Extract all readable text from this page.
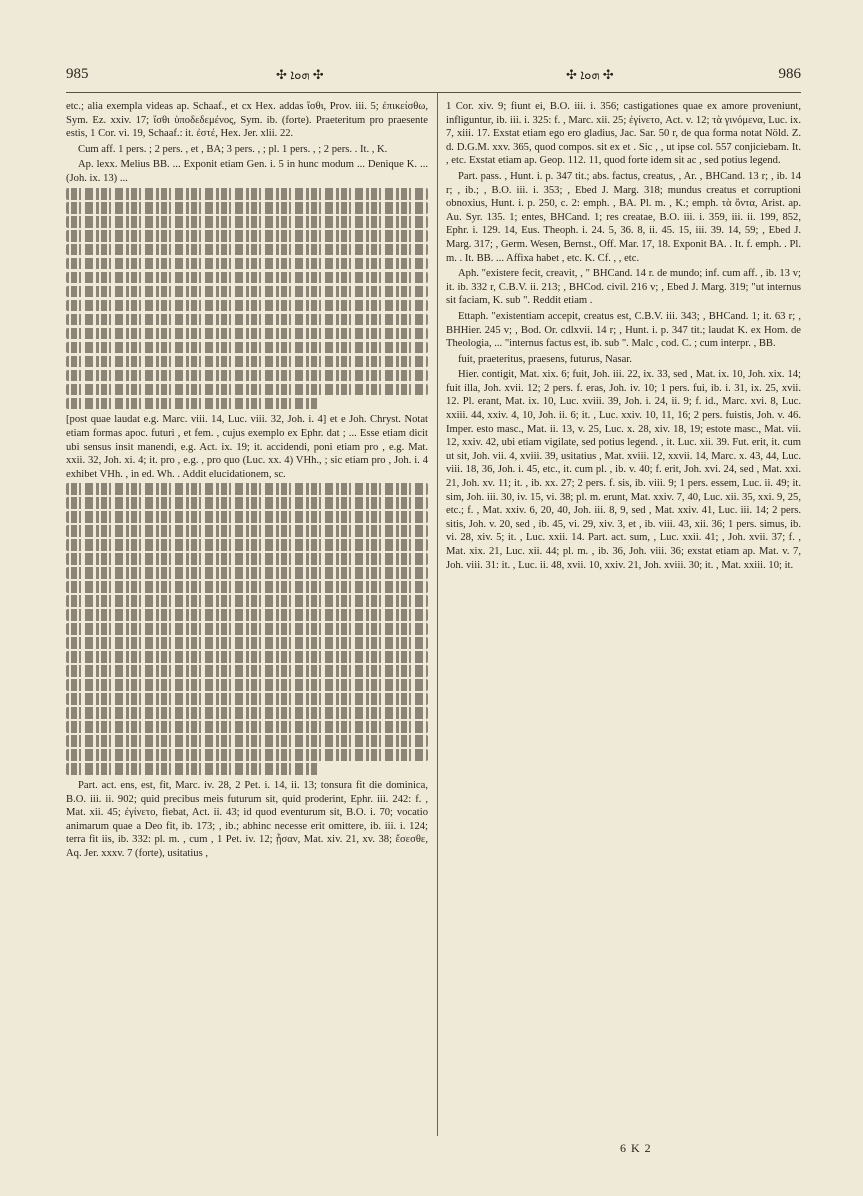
985	✣ ܗܘܐ ✣	✣ ܗܘܐ ✣	986

etc.; alia exempla videas ap. Schaaf., et cx Hex. addas ἴσθι, Prov. iii. 5; ἐπικείσθω, Sym. Ez. xxiv. 17; ἴσθι ὑποδεδεμένος, Sym. ib. (forte). Praeteritum pro praesente estis, 1 Cor. vi. 19, Schaaf.: it. ἐστέ, Hex. Jer. xlii. 22.

Cum aff. 1 pers. ; 2 pers. , et , BA; 3 pers. , ; pl. 1 pers. , ; 2 pers. . It. , K.

Ap. lexx. Melius BB. ... Exponit etiam Gen. i. 5 in hunc modum ... Denique K. ... (Joh. ix. 13) ...

[post quae laudat e.g. Marc. viii. 14, Luc. viii. 32, Joh. i. 4] et e Joh. Chryst. Notat etiam formas apoc. futuri , et fem. , cujus exemplo ex Ephr. dat ; ... Esse etiam dicit ubi sensus insit manendi, e.g. Act. ix. 19; it. accidendi, poni etiam pro , e.g. Mat. xxii. 32, Joh. xi. 4; it. pro , e.g. , pro quo (Luc. xx. 4) VHh., ; sic etiam pro , Joh. i. 4 exhibet VHh. , in ed. Wh. . Addit elucidationem, sc.

Part. act. ens, est, fit, Marc. iv. 28, 2 Pet. i. 14, ii. 13; tonsura fit die dominica, B.O. iii. ii. 902; quid precibus meis futurum sit, quid proderint, Ephr. iii. 242: f. , Mat. xii. 45; ἐγίνετο, fiebat, Act. ii. 43; id quod eventurum sit, B.O. i. 70; vocatio animarum quae a Deo fit, ib. 173; , ib.; abhinc necesse erit omittere, ib. iii. i. 124; terra fit iis, ib. 332: pl. m. , cum , 1 Pet. iv. 12; ᾖσαν, Mat. xiv. 21, xv. 38; ἔσεσθε, Aq. Jer. xxxv. 7 (forte), usitatius ,

1 Cor. xiv. 9; fiunt ei, B.O. iii. i. 356; castigationes quae ex amore proveniunt, infliguntur, ib. iii. i. 325: f. , Marc. xii. 25; ἐγίνετο, Act. v. 12; τὰ γινόμενα, Luc. ix. 7, xiii. 17. Exstat etiam ego ero gladius, Jac. Sar. 50 r, de qua forma notat Nöld. Z. d. D.G.M. xxv. 365, quod compos. sit ex et . Sic , , ut ipse col. 557 conjiciebam. It. , etc. Exstat etiam ap. Geop. 112. 11, quod forte idem sit ac , sed potius legend.

Part. pass. , Hunt. i. p. 347 tit.; abs. factus, creatus, , Ar. , BHCand. 13 r; , ib. 14 r; , ib.; , B.O. iii. i. 353; , Ebed J. Marg. 318; mundus creatus et corruptioni obnoxius, Hunt. i. p. 250, c. 2: emph. , BA. Pl. m. , K.; emph. τὰ ὄντα, Arist. ap. Au. Syr. 135. 1; entes, BHCand. 1; res creatae, B.O. iii. i. 359, iii. ii. 199, 852, Ephr. i. 129. 14, Eus. Theoph. i. 24. 5, 36. 8, ii. 45. 15, iii. 39. 14, 59; , Ebed J. Marg. 317; , Germ. Wesen, Bernst., Off. Mar. 17, 18. Exponit BA. . It. f. emph. . Pl. m. . It. BB. ... Affixa habet , etc. K. Cf. , , etc.

Aph. "existere fecit, creavit, , " BHCand. 14 r. de mundo; inf. cum aff. , ib. 13 v; it. ib. 332 r, C.B.V. ii. 213; , BHCod. civil. 216 v; , Ebed J. Marg. 319; "ut internus sit faciam, K. sub ". Reddit etiam .

Ettaph. "existentiam accepit, creatus est, C.B.V. iii. 343; , BHCand. 1; it. 63 r; , BHHier. 245 v; , Bod. Or. cdlxvii. 14 r; , Hunt. i. p. 347 tit.; laudat K. ex Hom. de Theologia, ... "internus factus est, ib. sub ". Malc , cod. C. ; cum interpr. , BB.

fuit, praeteritus, praesens, futurus, Nasar.

Hier. contigit, Mat. xix. 6; fuit, Joh. iii. 22, ix. 33, sed , Mat. ix. 10, Joh. xix. 14; fuit illa, Joh. xvii. 12; 2 pers. f. eras, Joh. iv. 10; 1 pers. fui, ib. i. 31, ix. 25, xvii. 12. Pl. erant, Mat. ix. 10, Luc. xviii. 39, Joh. i. 24, ii. 9; f. id., Marc. xvi. 8, Luc. xxiii. 44, xxiv. 4, 10, Joh. ii. 6; it. , Luc. xxiv. 10, 11, 16; 2 pers. fuistis, Joh. v. 46. Imper. esto masc., Mat. ii. 13, v. 25, Luc. x. 28, xiv. 18, 19; estote masc., Mat. vii. 12, xxiv. 42, ubi etiam vigilate, sed potius legend. , it. Luc. xii. 39. Fut. erit, it. cum ut sit, Joh. vii. 4, xviii. 39, usitatius , Mat. xviii. 12, xxvii. 14, Marc. x. 43, 44, Luc. viii. 18, 36, Joh. i. 45, etc., it. cum pl. , ib. v. 40; f. erit, Joh. xvi. 24, sed , Mat. xxi. 21, Joh. xv. 11; it. , ib. xx. 27; 2 pers. f. sis, ib. viii. 9; 1 pers. essem, Luc. ii. 49; it. sim, Joh. iii. 30, iv. 15, vi. 38; pl. m. erunt, Mat. xxiv. 7, 40, Luc. xii. 35, xxi. 9, 25, etc.; f. , Mat. xxiv. 6, 20, 40, Joh. iii. 8, 9, sed , Mat. xxiv. 41, Luc. iii. 14; 2 pers. sitis, Joh. v. 20, sed , ib. 45, vi. 29, xiv. 3, et , ib. viii. 43, xii. 36; 1 pers. simus, ib. vi. 28, xiv. 5; it. , Luc. xxii. 14. Part. act. sum, , Luc. xxii. 41; , Joh. xvii. 37; f. , Mat. xix. 21, Luc. xii. 44; pl. m. , ib. 36, Joh. viii. 36; exstat etiam ap. Mat. v. 7, Joh. viii. 31: it. , Luc. ii. 48, xvii. 10, xxiv. 21, Joh. xviii. 30; it. , Mat. xxiii. 10; it.

6 K 2
